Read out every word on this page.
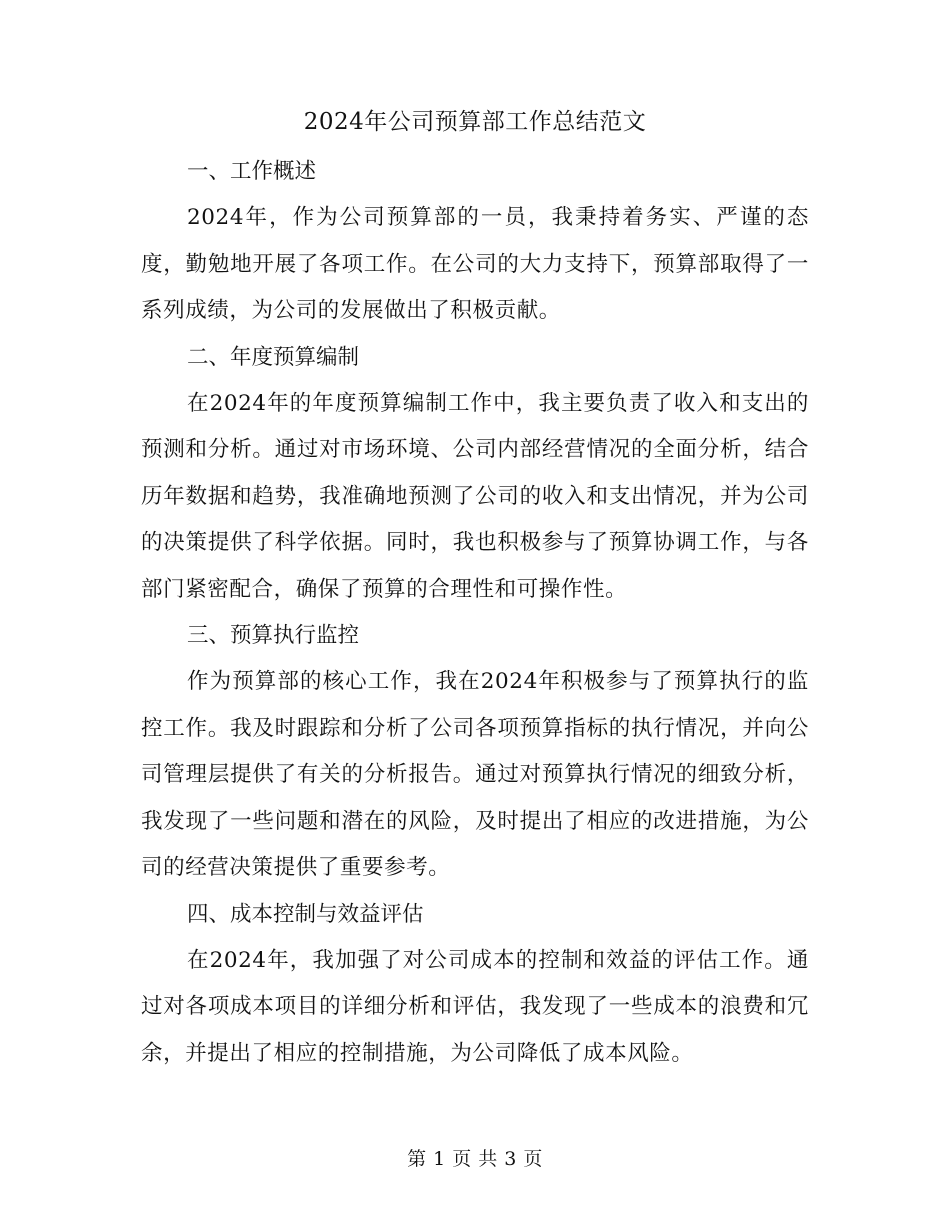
2024年公司预算部工作总结范文

一、工作概述

2024年，作为公司预算部的一员，我秉持着务实、严谨的态度，勤勉地开展了各项工作。在公司的大力支持下，预算部取得了一系列成绩，为公司的发展做出了积极贡献。

二、年度预算编制

在2024年的年度预算编制工作中，我主要负责了收入和支出的预测和分析。通过对市场环境、公司内部经营情况的全面分析，结合历年数据和趋势，我准确地预测了公司的收入和支出情况，并为公司的决策提供了科学依据。同时，我也积极参与了预算协调工作，与各部门紧密配合，确保了预算的合理性和可操作性。

三、预算执行监控

作为预算部的核心工作，我在2024年积极参与了预算执行的监控工作。我及时跟踪和分析了公司各项预算指标的执行情况，并向公司管理层提供了有关的分析报告。通过对预算执行情况的细致分析，我发现了一些问题和潜在的风险，及时提出了相应的改进措施，为公司的经营决策提供了重要参考。

四、成本控制与效益评估

在2024年，我加强了对公司成本的控制和效益的评估工作。通过对各项成本项目的详细分析和评估，我发现了一些成本的浪费和冗余，并提出了相应的控制措施，为公司降低了成本风险。

第 1 页 共 3 页
